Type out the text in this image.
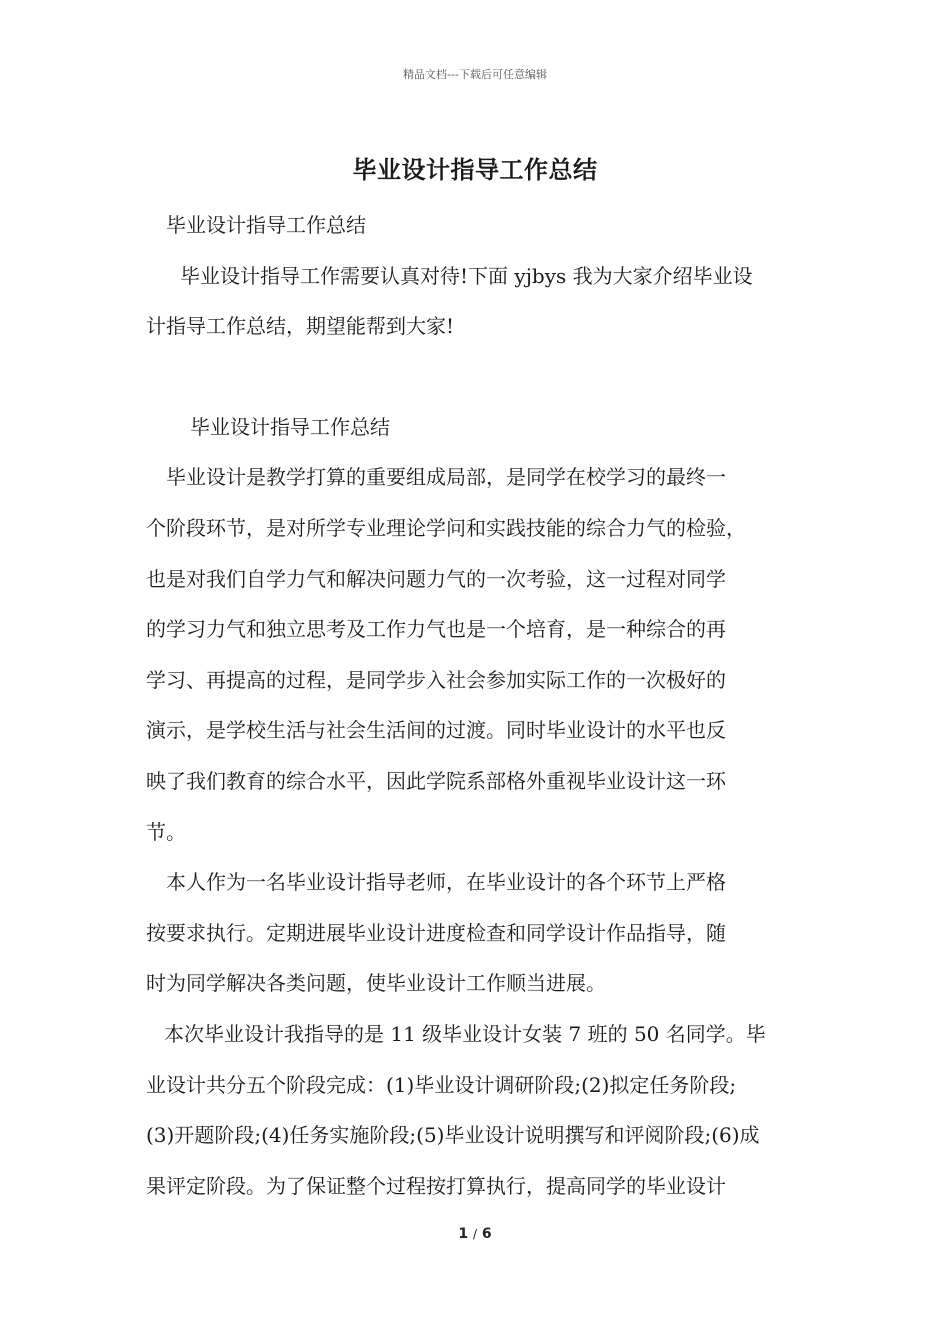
精品文档---下载后可任意编辑
毕业设计指导工作总结
毕业设计指导工作总结
毕业设计指导工作需要认真对待!下面 yjbys 我为大家介绍毕业设
计指导工作总结，期望能帮到大家!
毕业设计指导工作总结
毕业设计是教学打算的重要组成局部，是同学在校学习的最终一
个阶段环节，是对所学专业理论学问和实践技能的综合力气的检验，
也是对我们自学力气和解决问题力气的一次考验，这一过程对同学
的学习力气和独立思考及工作力气也是一个培育，是一种综合的再
学习、再提高的过程，是同学步入社会参加实际工作的一次极好的
演示，是学校生活与社会生活间的过渡。同时毕业设计的水平也反
映了我们教育的综合水平，因此学院系部格外重视毕业设计这一环
节。
本人作为一名毕业设计指导老师，在毕业设计的各个环节上严格
按要求执行。定期进展毕业设计进度检查和同学设计作品指导，随
时为同学解决各类问题，使毕业设计工作顺当进展。
本次毕业设计我指导的是 11 级毕业设计女装 7 班的 50 名同学。毕
业设计共分五个阶段完成：(1)毕业设计调研阶段;(2)拟定任务阶段;
(3)开题阶段;(4)任务实施阶段;(5)毕业设计说明撰写和评阅阶段;(6)成
果评定阶段。为了保证整个过程按打算执行，提高同学的毕业设计
1 / 6
